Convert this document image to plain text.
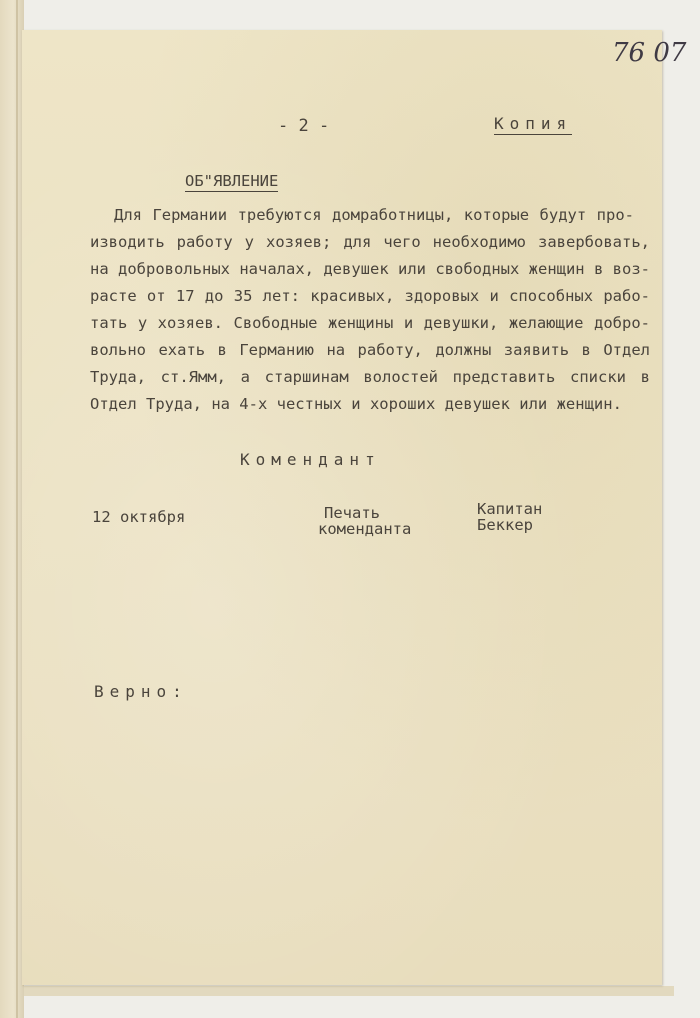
76 07
- 2 -	Копия
ОБ"ЯВЛЕНИЕ
Для Германии требуются домработницы, которые будут про-
изводить работу у хозяев; для чего необходимо завербовать,
на добровольных началах, девушек или свободных женщин в воз-
расте от 17 до 35 лет: красивых, здоровых и способных рабо-
тать у хозяев. Свободные женщины и девушки, желающие добро-
вольно ехать в Германию на работу, должны заявить в Отдел
Труда, ст.Ямм, а старшинам волостей представить списки в
Отдел Труда, на 4-х честных и хороших девушек или женщин.
Комендант
12 октября	Печать
коменданта
Капитан
Беккер
Верно:
